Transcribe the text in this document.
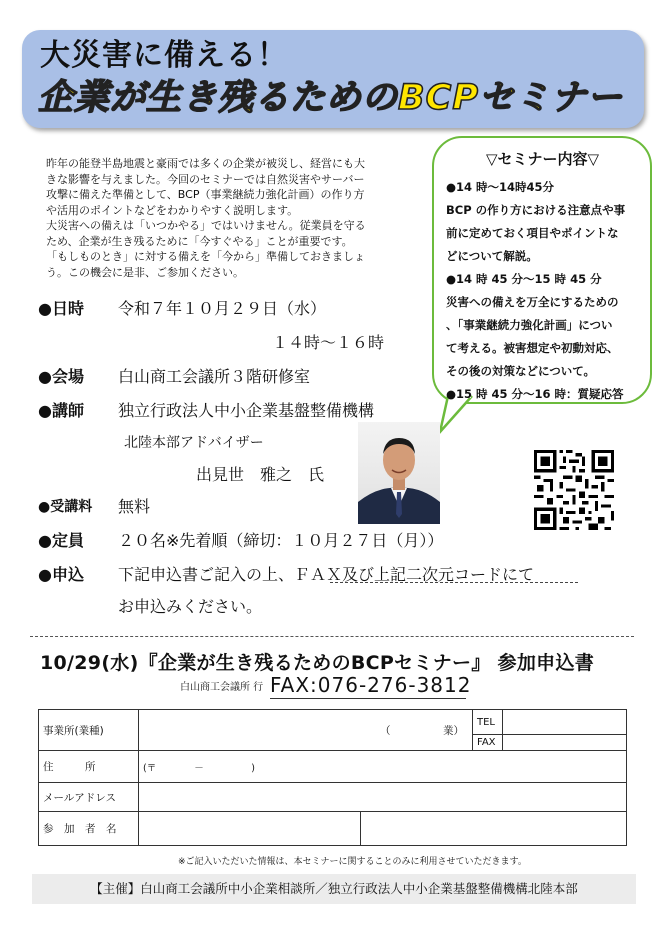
大災害に備える！
企業が生き残るためのBCPセミナー
昨年の能登半島地震と豪雨では多くの企業が被災し、経営にも大
きな影響を与えました。今回のセミナーでは自然災害やサーバー
攻撃に備えた準備として、BCP（事業継続力強化計画）の作り方
や活用のポイントなどをわかりやすく説明します。
大災害への備えは「いつかやる」ではいけません。従業員を守る
ため、企業が生き残るために「今すぐやる」ことが重要です。
「もしものとき」に対する備えを「今から」準備しておきましょ
う。この機会に是非、ご参加ください。
▽セミナー内容▽
●14 時～14時45分
BCP の作り方における注意点や事
前に定めておく項目やポイントな
どについて解説。
●14 時 45 分～15 時 45 分
災害への備えを万全にするための
、「事業継続力強化計画」につい
て考える。被害想定や初動対応、
その後の対策などについて。
●15 時 45 分～16 時：質疑応答
●日時 令和７年１０月２９日（水）
１４時～１６時
●会場 白山商工会議所３階研修室
●講師 独立行政法人中小企業基盤整備機構
北陸本部アドバイザー
出見世　雅之　氏
●受講料 無料
●定員 ２０名※先着順（締切：１０月２７日（月））
●申込 下記申込書ご記入の上、ＦＡＸ及び上記二次元コードにて
お申込みください。
10/29(水)『企業が生き残るためのBCPセミナー』 参加申込書
白山商工会議所 行 FAX:076-276-3812
事業所(業種)	（　　　　　業）		TEL	
			FAX	
住　　　所	(〒　　　　－　　　　　)			
メールアドレス				
参　加　者　名				
※ご記入いただいた情報は、本セミナーに関することのみに利用させていただきます。
【主催】白山商工会議所中小企業相談所／独立行政法人中小企業基盤整備機構北陸本部
